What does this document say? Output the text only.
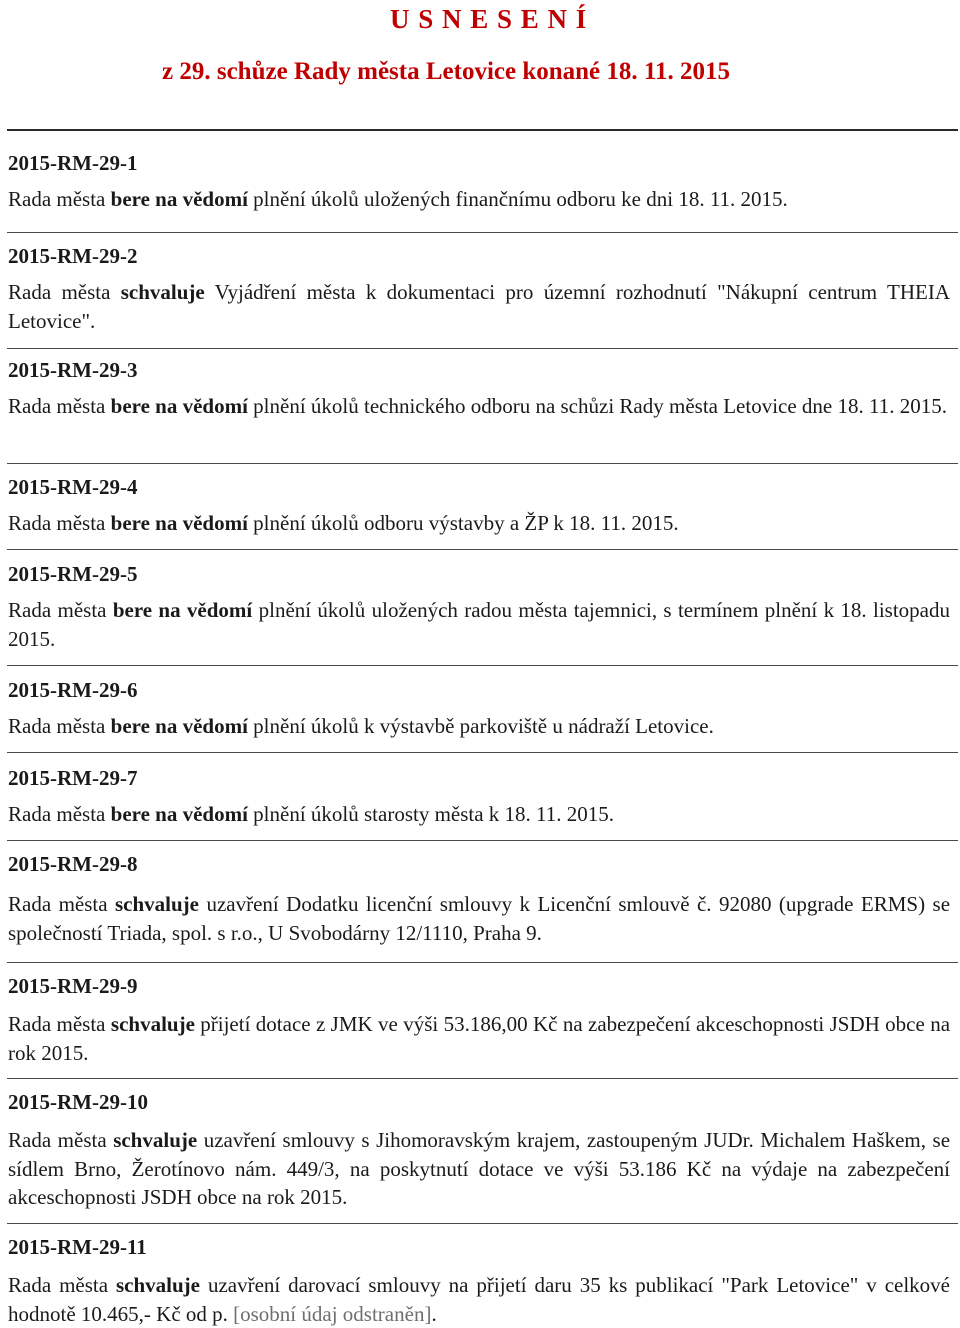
U S N E S E N Í
z 29. schůze Rady města Letovice konané 18. 11. 2015
2015-RM-29-1
Rada města bere na vědomí plnění úkolů uložených finančnímu odboru ke dni 18. 11. 2015.
2015-RM-29-2
Rada města schvaluje Vyjádření města k dokumentaci pro územní rozhodnutí "Nákupní centrum THEIA Letovice".
2015-RM-29-3
Rada města bere na vědomí plnění úkolů technického odboru na schůzi Rady města Letovice dne 18. 11. 2015.
2015-RM-29-4
Rada města bere na vědomí plnění úkolů odboru výstavby a ŽP k 18. 11. 2015.
2015-RM-29-5
Rada města bere na vědomí plnění úkolů uložených radou města tajemnici, s termínem plnění k 18. listopadu 2015.
2015-RM-29-6
Rada města bere na vědomí plnění úkolů k výstavbě parkoviště u nádraží Letovice.
2015-RM-29-7
Rada města bere na vědomí plnění úkolů starosty města k 18. 11. 2015.
2015-RM-29-8
Rada města schvaluje uzavření Dodatku licenční smlouvy k Licenční smlouvě č. 92080 (upgrade ERMS) se společností Triada, spol. s r.o., U Svobodárny 12/1110, Praha 9.
2015-RM-29-9
Rada města schvaluje přijetí dotace z JMK ve výši 53.186,00 Kč na zabezpečení akceschopnosti JSDH obce na rok 2015.
2015-RM-29-10
Rada města schvaluje uzavření smlouvy s Jihomoravským krajem, zastoupeným JUDr. Michalem Haškem, se sídlem Brno, Žerotínovo nám. 449/3, na poskytnutí dotace ve výši 53.186 Kč na výdaje na zabezpečení akceschopnosti JSDH obce na rok 2015.
2015-RM-29-11
Rada města schvaluje uzavření darovací smlouvy na přijetí daru 35 ks publikací "Park Letovice" v celkové hodnotě 10.465,- Kč od p. [osobní údaj odstraněn].
